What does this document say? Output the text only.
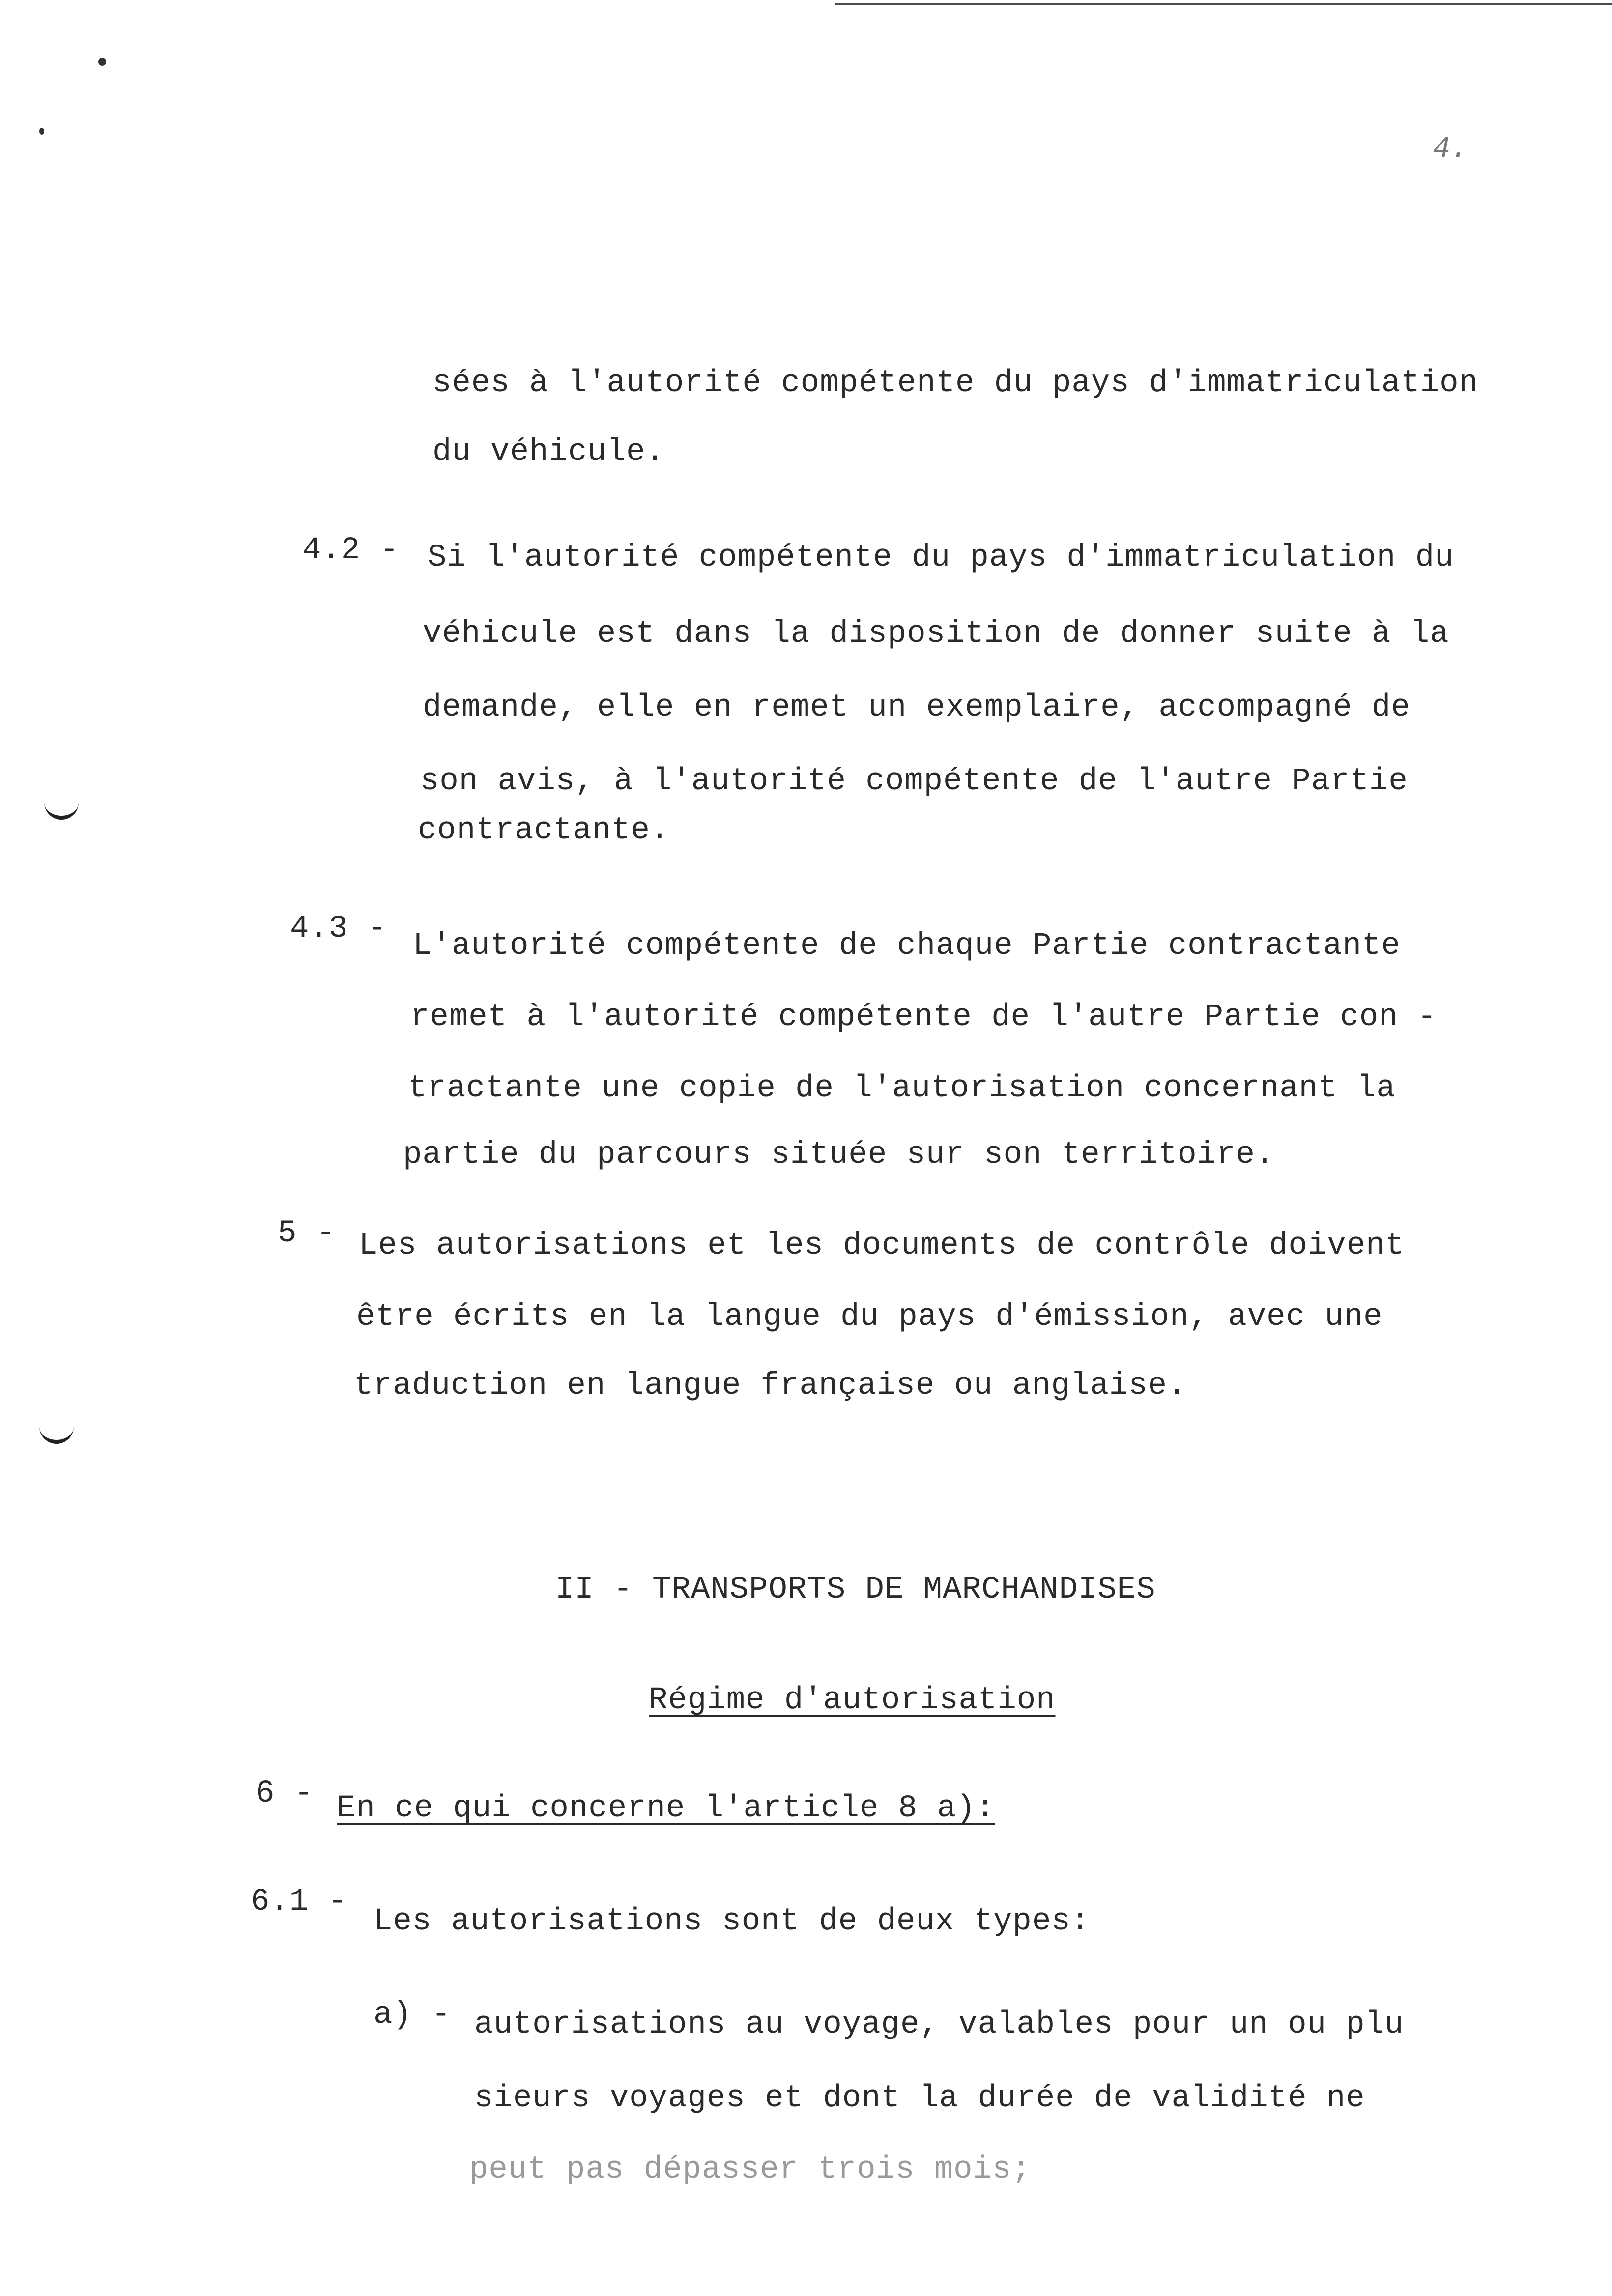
4.
sées à l'autorité compétente du pays d'immatriculation
du véhicule.
4.2 - Si l'autorité compétente du pays d'immatriculation du
véhicule est dans la disposition de donner suite à la
demande, elle en remet un exemplaire, accompagné de
son avis, à l'autorité compétente de l'autre Partie
contractante.
4.3 - L'autorité compétente de chaque Partie contractante
remet à l'autorité compétente de l'autre Partie con -
tractante une copie de l'autorisation concernant la
partie du parcours située sur son territoire.
5 - Les autorisations et les documents de contrôle doivent
être écrits en la langue du pays d'émission, avec une
traduction en langue française ou anglaise.
II - TRANSPORTS DE MARCHANDISES
Régime d'autorisation
6 - En ce qui concerne l'article 8 a):
6.1 -
Les autorisations sont de deux types:
a) - autorisations au voyage, valables pour un ou plu
sieurs voyages et dont la durée de validité ne
peut pas dépasser trois mois;
